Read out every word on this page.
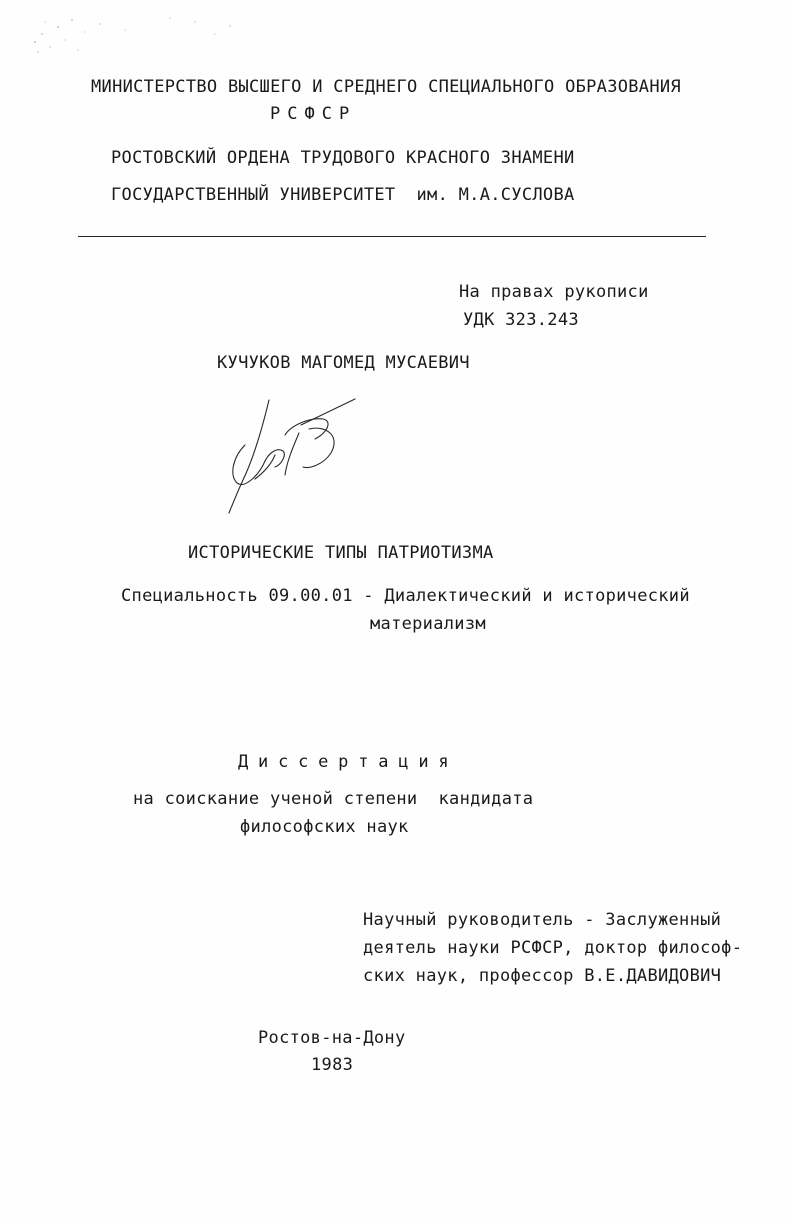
МИНИСТЕРСТВО ВЫСШЕГО И СРЕДНЕГО СПЕЦИАЛЬНОГО ОБРАЗОВАНИЯ
РСФСР
РОСТОВСКИЙ ОРДЕНА ТРУДОВОГО КРАСНОГО ЗНАМЕНИ
ГОСУДАРСТВЕННЫЙ УНИВЕРСИТЕТ  им. М.А.СУСЛОВА
На правах рукописи
УДК 323.243
КУЧУКОВ МАГОМЕД МУСАЕВИЧ
ИСТОРИЧЕСКИЕ ТИПЫ ПАТРИОТИЗМА
Специальность 09.00.01 - Диалектический и исторический
материализм
Диссертация
на соискание ученой степени  кандидата
философских наук
Научный руководитель - Заслуженный
деятель науки РСФСР, доктор философ-
ских наук, профессор В.Е.ДАВИДОВИЧ
Ростов-на-Дону
1983
